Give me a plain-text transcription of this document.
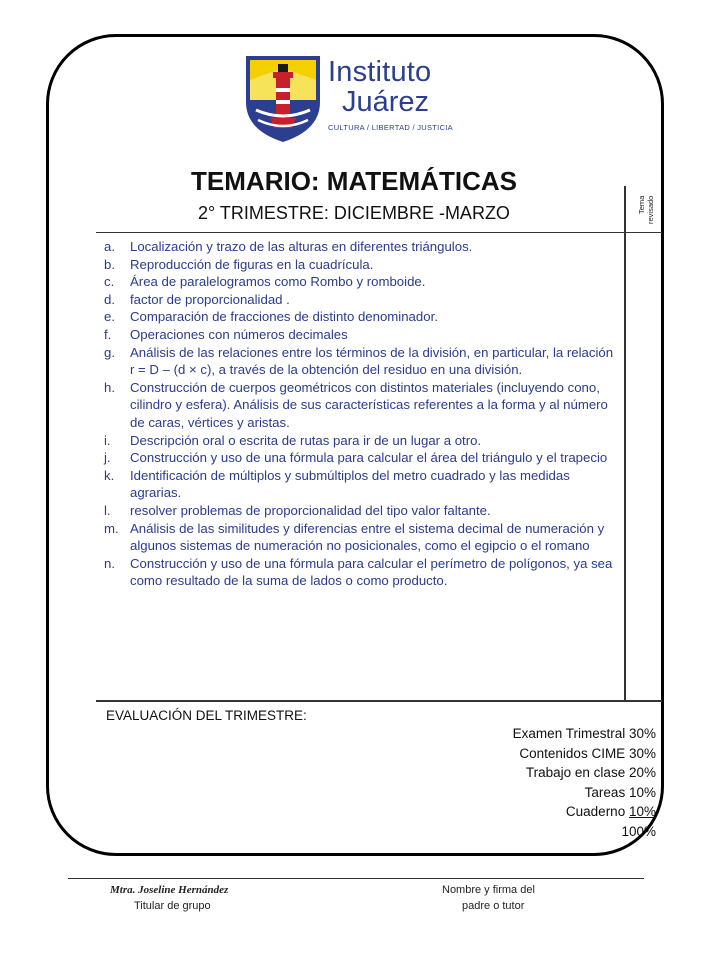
Instituto
Juárez
CULTURA / LIBERTAD / JUSTICIA
TEMARIO: MATEMÁTICAS
2° TRIMESTRE: DICIEMBRE -MARZO	Tema
revisado
a.	Localización y trazo de las alturas en diferentes triángulos.
b.	Reproducción de figuras en la cuadrícula.
c.	Área de paralelogramos como Rombo y romboide.
d.	factor de proporcionalidad .
e.	Comparación de fracciones de distinto denominador.
f.	Operaciones con números decimales
g.	Análisis de las relaciones entre los términos de la división, en particular, la relación r = D – (d × c), a través de la obtención del residuo en una división.
h.	Construcción de cuerpos geométricos con distintos materiales (incluyendo cono, cilindro y esfera). Análisis de sus características referentes a la forma y al número de caras, vértices y aristas.
i.	Descripción oral o escrita de rutas para ir de un lugar a otro.
j.	Construcción y uso de una fórmula para calcular el área del triángulo y el trapecio
k.	Identificación de múltiplos y submúltiplos del metro cuadrado y las medidas agrarias.
l.	resolver problemas de proporcionalidad del tipo valor faltante.
m. Análisis de las similitudes y diferencias entre el sistema decimal de numeración y algunos sistemas de numeración no posicionales, como el egipcio o el romano
n.	Construcción y uso de una fórmula para calcular el perímetro de polígonos, ya sea como resultado de la suma de lados o como producto.
EVALUACIÓN DEL TRIMESTRE:
Examen Trimestral 30%
Contenidos CIME 30%
Trabajo en clase 20%
Tareas 10%
Cuaderno 10%
100%
Mtra. Joseline Hernández
Titular de grupo
Nombre y firma del
padre o tutor
